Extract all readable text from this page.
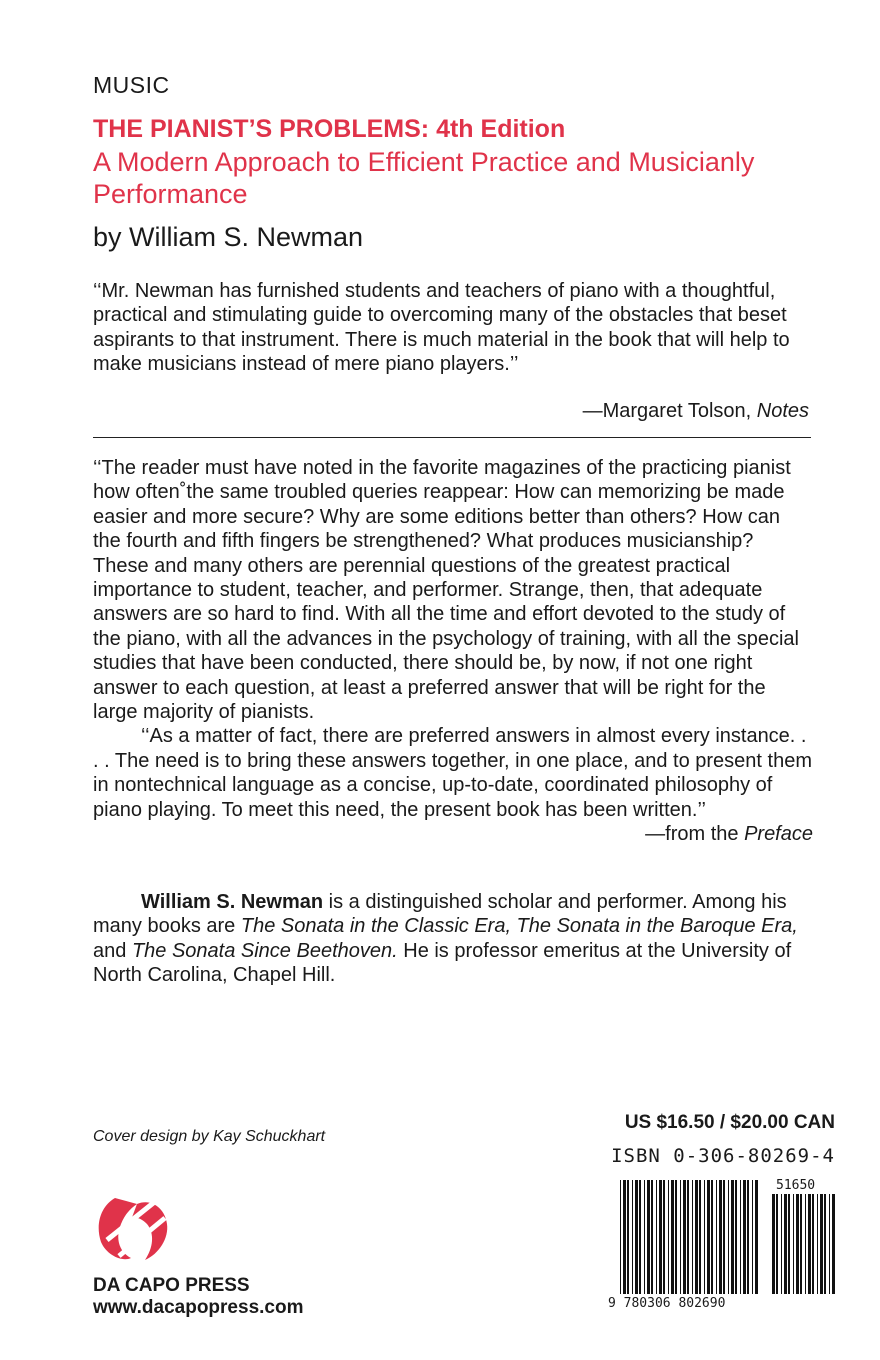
MUSIC
THE PIANIST’S PROBLEMS: 4th Edition
A Modern Approach to Efficient Practice and Musicianly Performance
by William S. Newman
‘‘Mr. Newman has furnished students and teachers of piano with a thoughtful, practical and stimulating guide to overcoming many of the obstacles that beset aspirants to that instrument. There is much material in the book that will help to make musicians instead of mere piano players.’’
—Margaret Tolson, Notes

‘‘The reader must have noted in the favorite magazines of the practicing pianist how often˚the same troubled queries reappear: How can memorizing be made easier and more secure? Why are some editions better than others? How can the fourth and fifth fingers be strengthened? What produces musicianship? These and many others are perennial questions of the greatest practical importance to student, teacher, and performer. Strange, then, that adequate answers are so hard to find. With all the time and effort devoted to the study of the piano, with all the advances in the psychology of training, with all the special studies that have been conducted, there should be, by now, if not one right answer to each question, at least a preferred answer that will be right for the large majority of pianists.

‘‘As a matter of fact, there are preferred answers in almost every instance. . . . The need is to bring these answers together, in one place, and to present them in nontechnical language as a concise, up-to-date, coordinated philosophy of piano playing. To meet this need, the present book has been written.’’
—from the Preface

William S. Newman is a distinguished scholar and performer. Among his many books are The Sonata in the Classic Era, The Sonata in the Baroque Era, and The Sonata Since Beethoven. He is professor emeritus at the University of North Carolina, Chapel Hill.
Cover design by Kay Schuckhart
DA CAPO PRESS
www.dacapopress.com
US $16.50 / $20.00 CAN
ISBN 0-306-80269-4
9 780306 802690
51650
